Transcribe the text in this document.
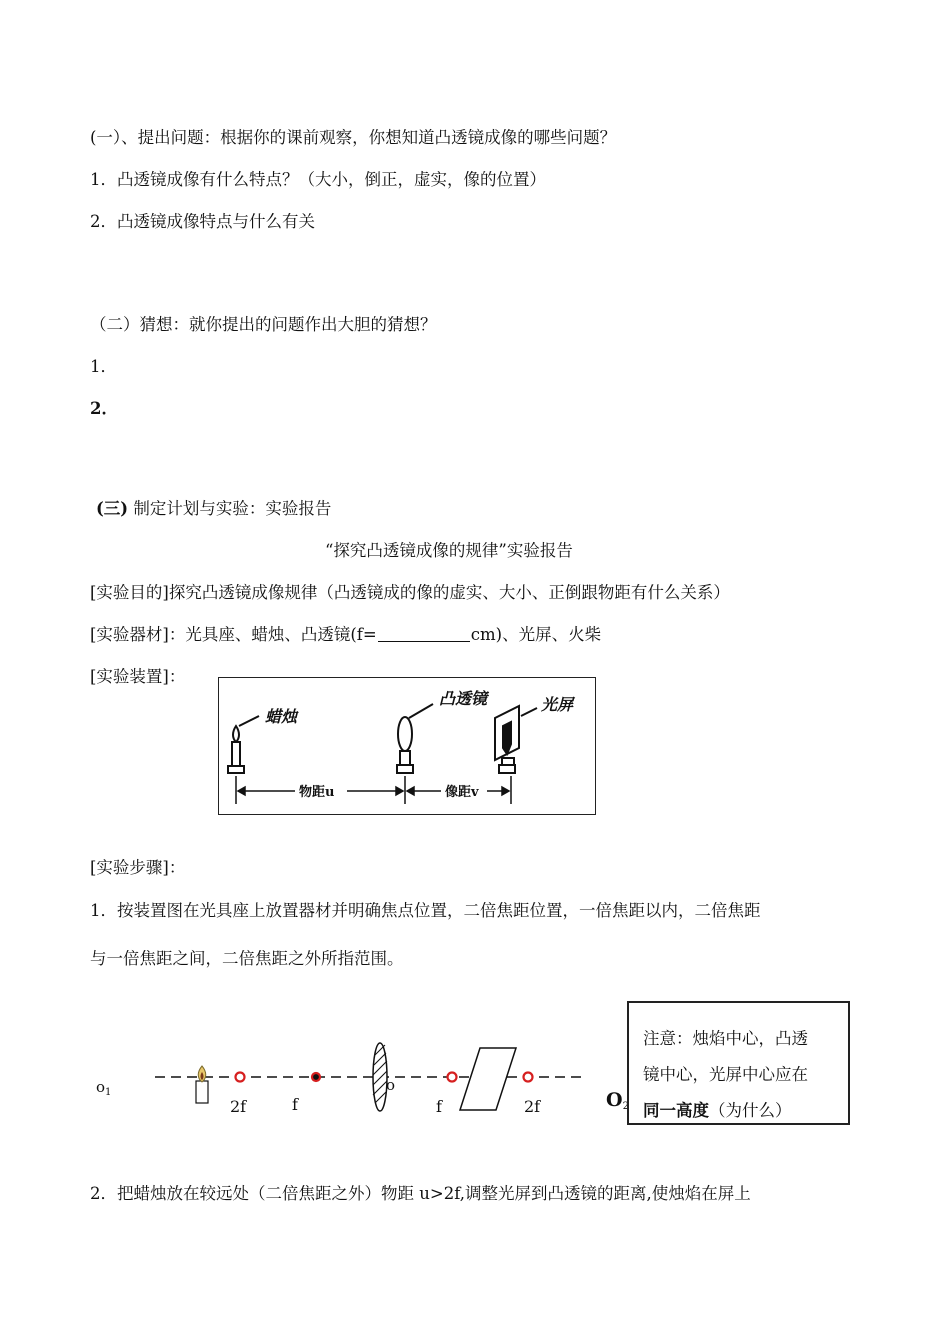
(一）、提出问题：根据你的课前观察，你想知道凸透镜成像的哪些问题？
1．凸透镜成像有什么特点？（大小，倒正，虚实，像的位置）
2．凸透镜成像特点与什么有关
（二）猜想：就你提出的问题作出大胆的猜想？
1．
2．
(三) 制定计划与实验：实验报告
“探究凸透镜成像的规律”实验报告
[实验目的]探究凸透镜成像规律（凸透镜成的像的虚实、大小、正倒跟物距有什么关系）
[实验器材]：光具座、蜡烛、凸透镜(f=	cm)、光屏、火柴
[实验装置]：
蜡烛
凸透镜	光屏
物距u	像距v
[实验步骤]：
1．按装置图在光具座上放置器材并明确焦点位置，二倍焦距位置，一倍焦距以内，二倍焦距
与一倍焦距之间，二倍焦距之外所指范围。
$o_1$	o
2f	f	f	2f	O2
注意：烛焰中心，凸透
镜中心，光屏中心应在
同一高度（为什么）
2．把蜡烛放在较远处（二倍焦距之外）物距 u>2f,调整光屏到凸透镜的距离,使烛焰在屏上
